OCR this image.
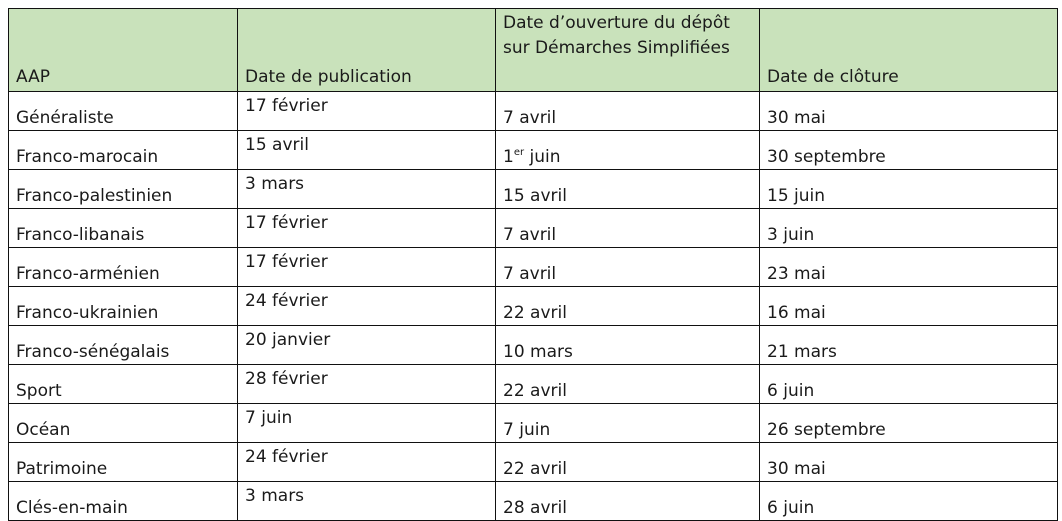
AAP	Date de publication	Date d’ouverture du dépôt sur Démarches Simplifiées	Date de clôture
Généraliste	17 février	7 avril	30 mai
Franco-marocain	15 avril	1er juin	30 septembre
Franco-palestinien	3 mars	15 avril	15 juin
Franco-libanais	17 février	7 avril	3 juin
Franco-arménien	17 février	7 avril	23 mai
Franco-ukrainien	24 février	22 avril	16 mai
Franco-sénégalais	20 janvier	10 mars	21 mars
Sport	28 février	22 avril	6 juin
Océan	7 juin	7 juin	26 septembre
Patrimoine	24 février	22 avril	30 mai
Clés-en-main	3 mars	28 avril	6 juin
